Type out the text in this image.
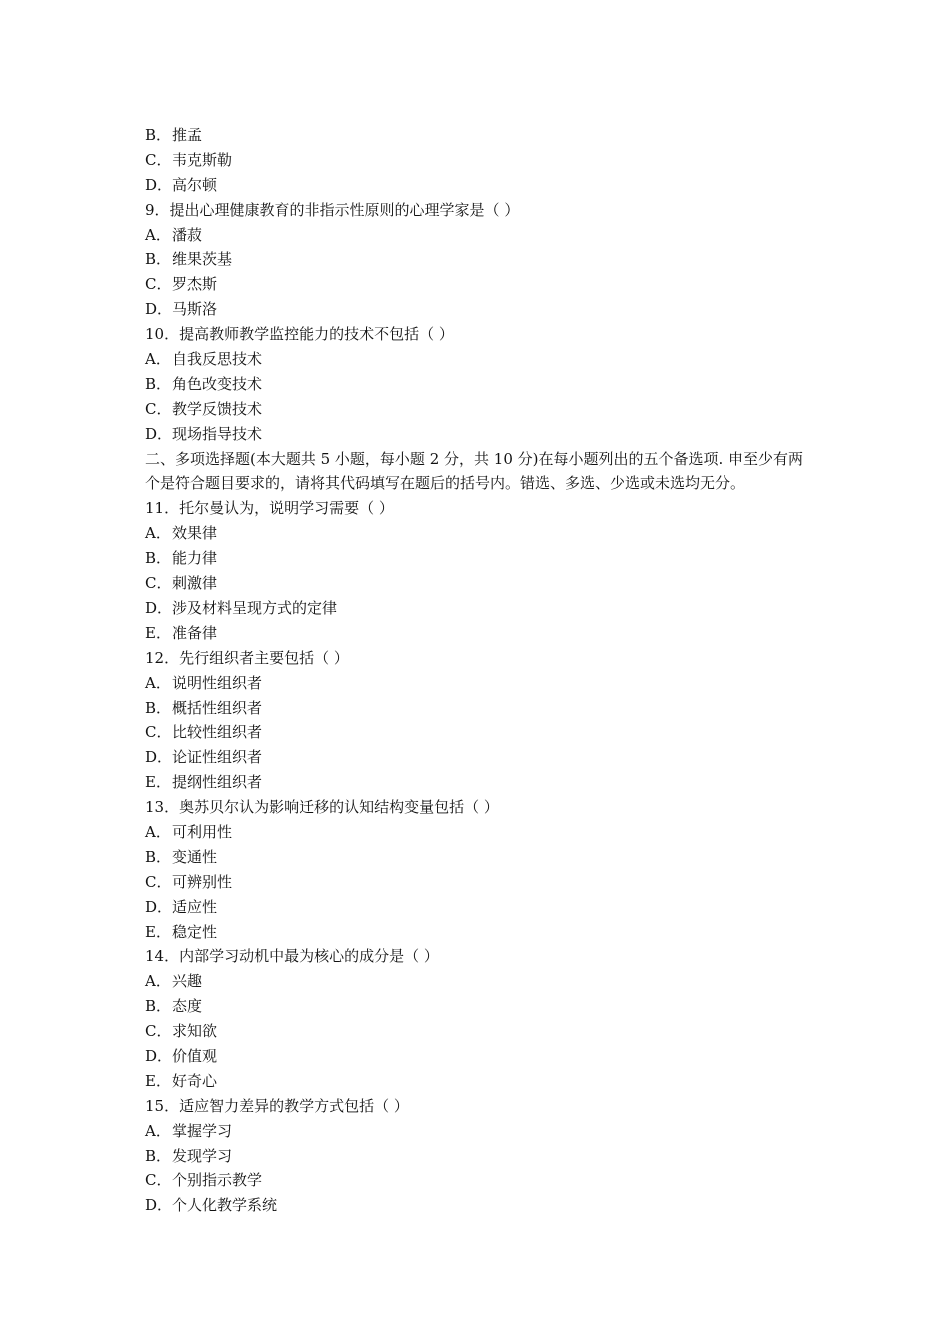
B．推孟
C．韦克斯勒
D．高尔顿
9．提出心理健康教育的非指示性原则的心理学家是（ ）
A．潘菽
B．维果茨基
C．罗杰斯
D．马斯洛
10．提高教师教学监控能力的技术不包括（ ）
A．自我反思技术
B．角色改变技术
C．教学反馈技术
D．现场指导技术
二、多项选择题(本大题共 5 小题，每小题 2 分，共 10 分)在每小题列出的五个备选项. 申至少有两个是符合题目要求的，请将其代码填写在题后的括号内。错选、多选、少选或未选均无分。
11．托尔曼认为，说明学习需要（ ）
A．效果律
B．能力律
C．刺激律
D．涉及材料呈现方式的定律
E．准备律
12．先行组织者主要包括（ ）
A．说明性组织者
B．概括性组织者
C．比较性组织者
D．论证性组织者
E．提纲性组织者
13．奥苏贝尔认为影响迁移的认知结构变量包括（ ）
A．可利用性
B．变通性
C．可辨别性
D．适应性
E．稳定性
14．内部学习动机中最为核心的成分是（ ）
A．兴趣
B．态度
C．求知欲
D．价值观
E．好奇心
15．适应智力差异的教学方式包括（ ）
A．掌握学习
B．发现学习
C．个别指示教学
D．个人化教学系统
